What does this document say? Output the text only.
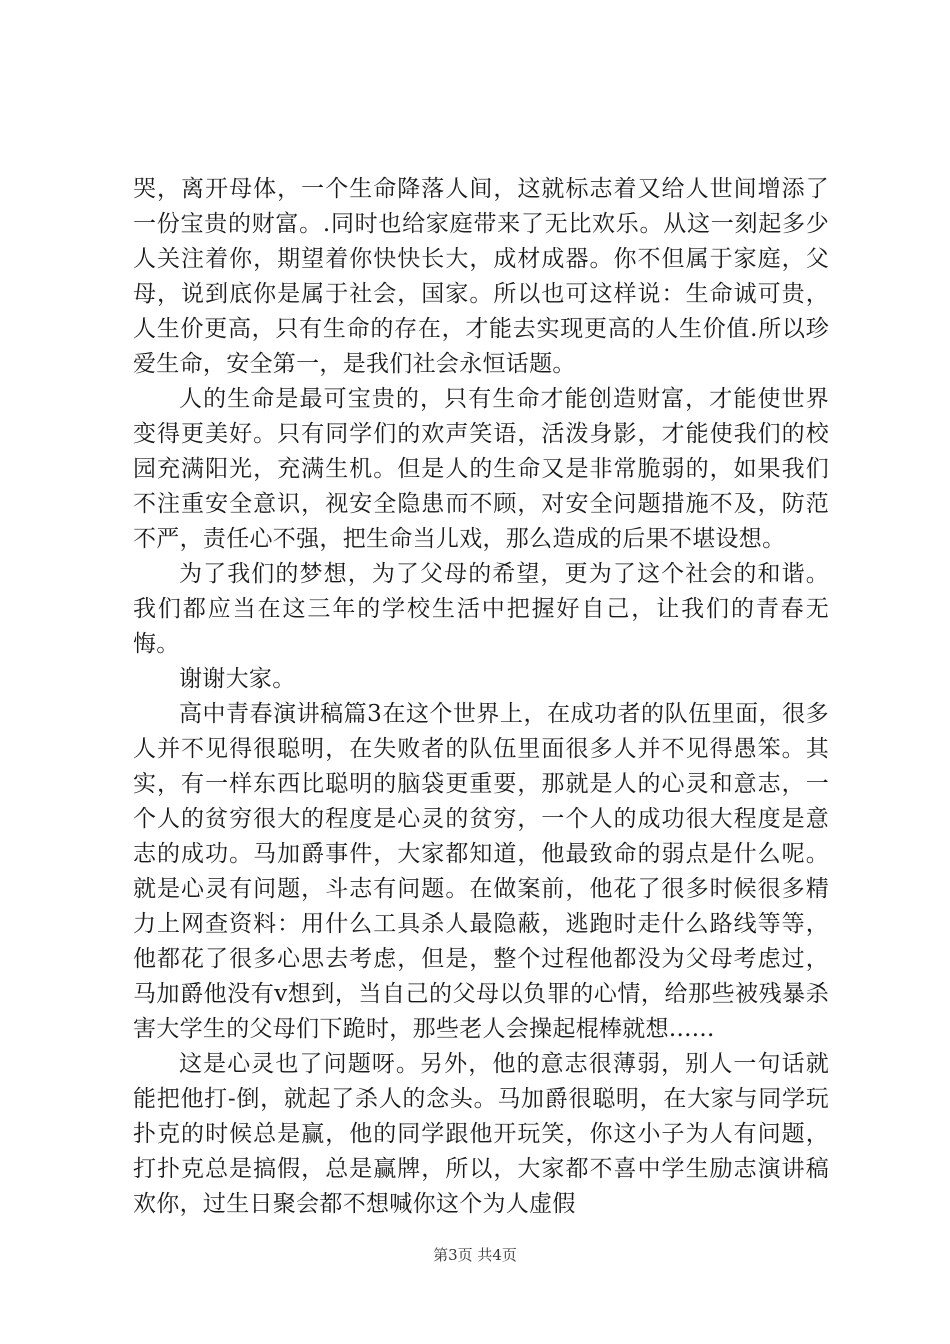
哭，离开母体，一个生命降落人间，这就标志着又给人世间增添了一份宝贵的财富。.同时也给家庭带来了无比欢乐。从这一刻起多少人关注着你，期望着你快快长大，成材成器。你不但属于家庭，父母，说到底你是属于社会，国家。所以也可这样说：生命诚可贵，人生价更高，只有生命的存在，才能去实现更高的人生价值.所以珍爱生命，安全第一，是我们社会永恒话题。

人的生命是最可宝贵的，只有生命才能创造财富，才能使世界变得更美好。只有同学们的欢声笑语，活泼身影，才能使我们的校园充满阳光，充满生机。但是人的生命又是非常脆弱的，如果我们不注重安全意识，视安全隐患而不顾，对安全问题措施不及，防范不严，责任心不强，把生命当儿戏，那么造成的后果不堪设想。

为了我们的梦想，为了父母的希望，更为了这个社会的和谐。我们都应当在这三年的学校生活中把握好自己，让我们的青春无悔。

谢谢大家。

高中青春演讲稿篇3在这个世界上，在成功者的队伍里面，很多人并不见得很聪明，在失败者的队伍里面很多人并不见得愚笨。其实，有一样东西比聪明的脑袋更重要，那就是人的心灵和意志，一个人的贫穷很大的程度是心灵的贫穷，一个人的成功很大程度是意志的成功。马加爵事件，大家都知道，他最致命的弱点是什么呢。就是心灵有问题，斗志有问题。在做案前，他花了很多时候很多精力上网查资料：用什么工具杀人最隐蔽，逃跑时走什么路线等等，他都花了很多心思去考虑，但是，整个过程他都没为父母考虑过，马加爵他没有v想到，当自己的父母以负罪的心情，给那些被残暴杀害大学生的父母们下跪时，那些老人会操起棍棒就想......

这是心灵也了问题呀。另外，他的意志很薄弱，别人一句话就能把他打-倒，就起了杀人的念头。马加爵很聪明，在大家与同学玩扑克的时候总是赢，他的同学跟他开玩笑，你这小子为人有问题，打扑克总是搞假，总是赢牌，所以，大家都不喜中学生励志演讲稿欢你，过生日聚会都不想喊你这个为人虚假

第3页 共4页
